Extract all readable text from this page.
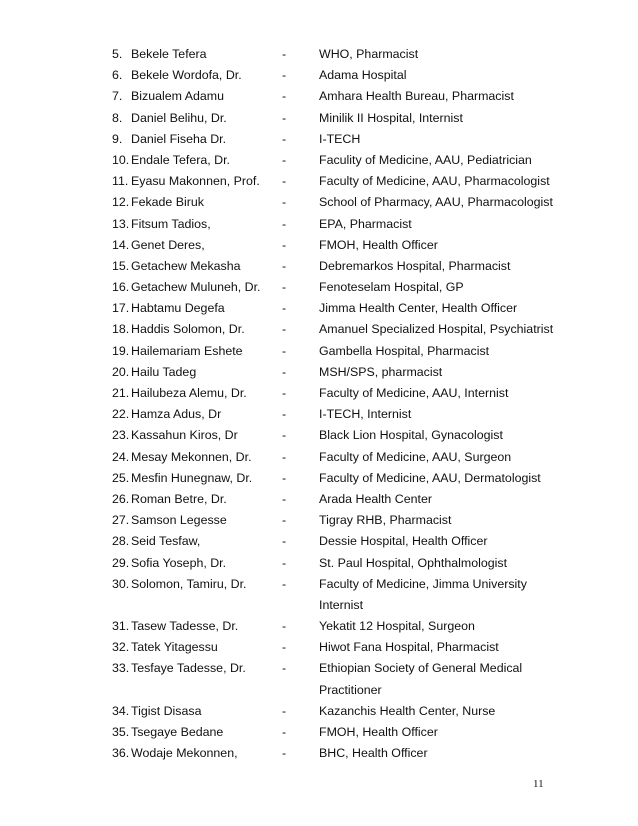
5. Bekele Tefera	-	WHO, Pharmacist
6. Bekele Wordofa, Dr.	-	Adama Hospital
7. Bizualem Adamu	-	Amhara Health Bureau, Pharmacist
8. Daniel Belihu, Dr.	-	Minilik II Hospital, Internist
9. Daniel Fiseha Dr.	-	I-TECH
10. Endale Tefera, Dr.	-	Faculity of Medicine, AAU, Pediatrician
11. Eyasu Makonnen, Prof. -	Faculty of Medicine, AAU, Pharmacologist
12. Fekade Biruk	-	School of Pharmacy, AAU, Pharmacologist
13. Fitsum Tadios,	-	EPA, Pharmacist
14. Genet Deres,	-	FMOH, Health Officer
15. Getachew Mekasha	-	Debremarkos Hospital, Pharmacist
16. Getachew Muluneh, Dr. -	Fenoteselam Hospital, GP
17. Habtamu Degefa	-	Jimma Health Center, Health Officer
18. Haddis Solomon, Dr.	-	Amanuel Specialized Hospital, Psychiatrist
19. Hailemariam Eshete	-	Gambella Hospital, Pharmacist
20. Hailu Tadeg	-	MSH/SPS, pharmacist
21. Hailubeza Alemu, Dr.	-	Faculty of Medicine, AAU, Internist
22. Hamza Adus, Dr	-	I-TECH, Internist
23. Kassahun Kiros, Dr	-	Black Lion Hospital, Gynacologist
24. Mesay Mekonnen, Dr. -	Faculty of Medicine, AAU, Surgeon
25. Mesfin Hunegnaw, Dr. -	Faculty of Medicine, AAU, Dermatologist
26. Roman Betre, Dr.	-	Arada Health Center
27. Samson Legesse	-	Tigray RHB, Pharmacist
28. Seid Tesfaw,	-	Dessie Hospital, Health Officer
29. Sofia Yoseph, Dr.	-	St. Paul Hospital, Ophthalmologist
30. Solomon, Tamiru, Dr.	-	Faculty of Medicine, Jimma University Internist
31. Tasew Tadesse, Dr.	-	Yekatit 12 Hospital, Surgeon
32. Tatek Yitagessu	-	Hiwot Fana Hospital, Pharmacist
33. Tesfaye Tadesse, Dr.	-	Ethiopian Society of General Medical Practitioner
34. Tigist Disasa	-	Kazanchis Health Center, Nurse
35. Tsegaye Bedane	-	FMOH, Health Officer
36. Wodaje Mekonnen,	-	BHC, Health Officer
11
